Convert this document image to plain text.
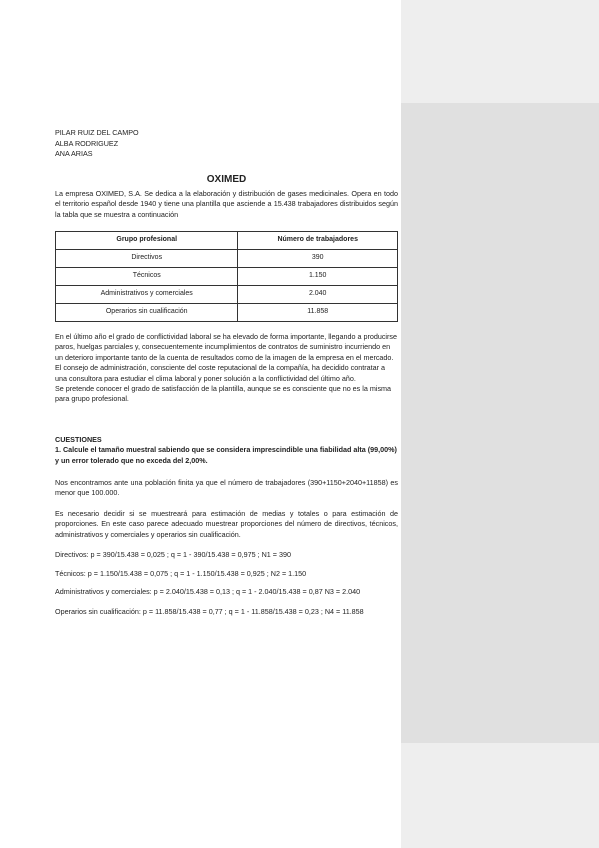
PILAR RUIZ DEL CAMPO
ALBA RODRIGUEZ
ANA ARIAS
OXIMED

La empresa OXIMED, S.A. Se dedica a la elaboración y distribución de gases medicinales. Opera en todo el territorio español desde 1940 y tiene una plantilla que asciende a 15.438 trabajadores distribuidos según la tabla que se muestra a continuación

Grupo profesional	Número de trabajadores
Directivos	390
Técnicos	1.150
Administrativos y comerciales	2.040
Operarios sin cualificación	11.858

En el último año el grado de conflictividad laboral se ha elevado de forma importante, llegando a producirse paros, huelgas parciales y, consecuentemente incumplimientos de contratos de suministro incurriendo en un deterioro importante tanto de la cuenta de resultados como de la imagen de la empresa en el mercado. El consejo de administración, consciente del coste reputacional de la compañía, ha decidido contratar a una consultora para estudiar el clima laboral y poner solución a la conflictividad del último año.

Se pretende conocer el grado de satisfacción de la plantilla, aunque se es consciente que no es la misma para grupo profesional.

CUESTIONES
1. Calcule el tamaño muestral sabiendo que se considera imprescindible una fiabilidad alta (99,00%) y un error tolerado que no exceda del 2,00%.

Nos encontramos ante una población finita ya que el número de trabajadores (390+1150+2040+11858) es menor que 100.000.

Es necesario decidir si se muestreará para estimación de medias y totales o para estimación de proporciones. En este caso parece adecuado muestrear proporciones del número de directivos, técnicos, administrativos y comerciales y operarios sin cualificación.

Directivos: p = 390/15.438 = 0,025 ; q = 1 - 390/15.438 = 0,975 ; N1 = 390

Técnicos: p = 1.150/15.438 = 0,075 ; q = 1 - 1.150/15.438 = 0,925 ; N2 = 1.150

Administrativos y comerciales: p = 2.040/15.438 = 0,13 ; q = 1 - 2.040/15.438 = 0,87 N3 = 2.040

Operarios sin cualificación: p = 11.858/15.438 = 0,77 ; q = 1 - 11.858/15.438 = 0,23 ; N4 = 11.858
